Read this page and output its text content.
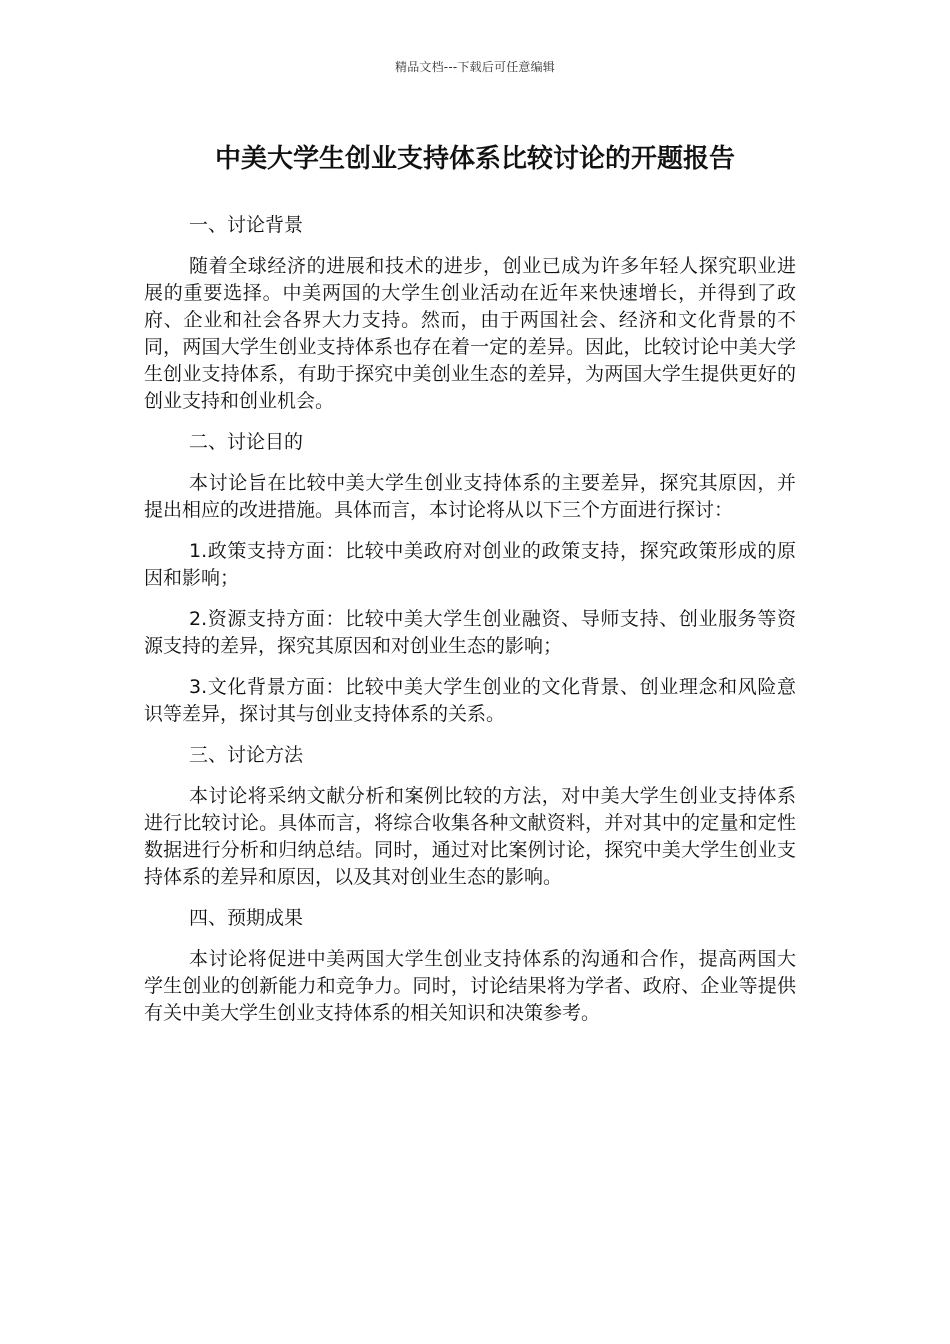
精品文档---下载后可任意编辑
中美大学生创业支持体系比较讨论的开题报告

一、讨论背景

随着全球经济的进展和技术的进步，创业已成为许多年轻人探究职业进展的重要选择。中美两国的大学生创业活动在近年来快速增长，并得到了政府、企业和社会各界大力支持。然而，由于两国社会、经济和文化背景的不同，两国大学生创业支持体系也存在着一定的差异。因此，比较讨论中美大学生创业支持体系，有助于探究中美创业生态的差异，为两国大学生提供更好的创业支持和创业机会。

二、讨论目的

本讨论旨在比较中美大学生创业支持体系的主要差异，探究其原因，并提出相应的改进措施。具体而言，本讨论将从以下三个方面进行探讨：

1.政策支持方面：比较中美政府对创业的政策支持，探究政策形成的原因和影响；

2.资源支持方面：比较中美大学生创业融资、导师支持、创业服务等资源支持的差异，探究其原因和对创业生态的影响；

3.文化背景方面：比较中美大学生创业的文化背景、创业理念和风险意识等差异，探讨其与创业支持体系的关系。

三、讨论方法

本讨论将采纳文献分析和案例比较的方法，对中美大学生创业支持体系进行比较讨论。具体而言，将综合收集各种文献资料，并对其中的定量和定性数据进行分析和归纳总结。同时，通过对比案例讨论，探究中美大学生创业支持体系的差异和原因，以及其对创业生态的影响。

四、预期成果

本讨论将促进中美两国大学生创业支持体系的沟通和合作，提高两国大学生创业的创新能力和竞争力。同时，讨论结果将为学者、政府、企业等提供有关中美大学生创业支持体系的相关知识和决策参考。
